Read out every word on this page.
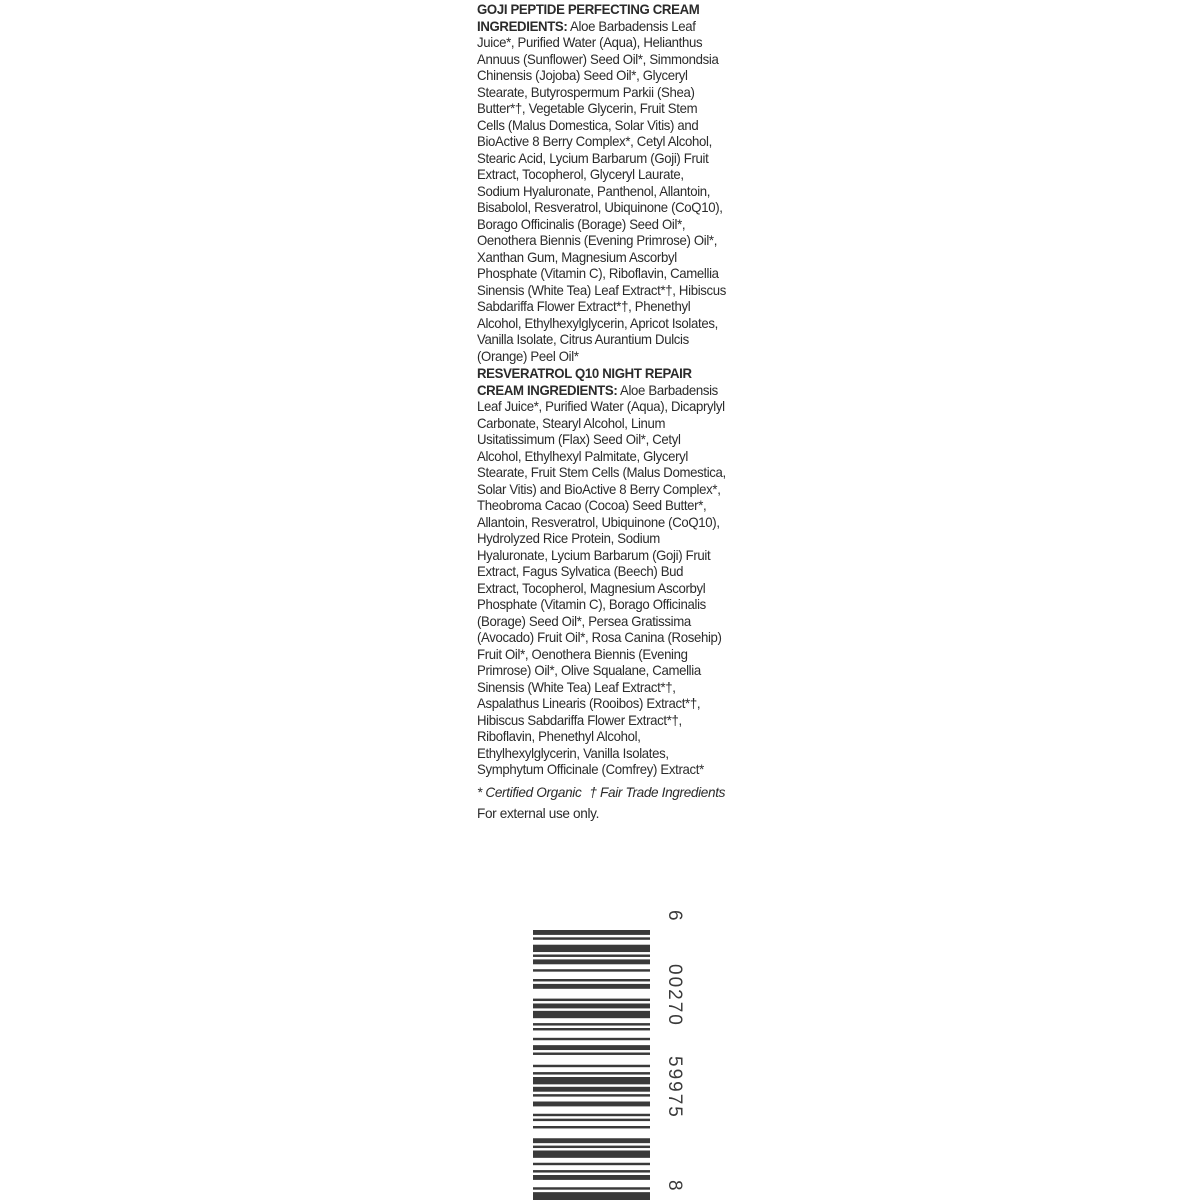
GOJI PEPTIDE PERFECTING CREAM INGREDIENTS: Aloe Barbadensis Leaf Juice*, Purified Water (Aqua), Helianthus Annuus (Sunflower) Seed Oil*, Simmondsia Chinensis (Jojoba) Seed Oil*, Glyceryl Stearate, Butyrospermum Parkii (Shea) Butter*†, Vegetable Glycerin, Fruit Stem Cells (Malus Domestica, Solar Vitis) and BioActive 8 Berry Complex*, Cetyl Alcohol, Stearic Acid, Lycium Barbarum (Goji) Fruit Extract, Tocopherol, Glyceryl Laurate, Sodium Hyaluronate, Panthenol, Allantoin, Bisabolol, Resveratrol, Ubiquinone (CoQ10), Borago Officinalis (Borage) Seed Oil*, Oenothera Biennis (Evening Primrose) Oil*, Xanthan Gum, Magnesium Ascorbyl Phosphate (Vitamin C), Riboflavin, Camellia Sinensis (White Tea) Leaf Extract*†, Hibiscus Sabdariffa Flower Extract*†, Phenethyl Alcohol, Ethylhexylglycerin, Apricot Isolates, Vanilla Isolate, Citrus Aurantium Dulcis (Orange) Peel Oil*
RESVERATROL Q10 NIGHT REPAIR CREAM INGREDIENTS: Aloe Barbadensis Leaf Juice*, Purified Water (Aqua), Dicaprylyl Carbonate, Stearyl Alcohol, Linum Usitatissimum (Flax) Seed Oil*, Cetyl Alcohol, Ethylhexyl Palmitate, Glyceryl Stearate, Fruit Stem Cells (Malus Domestica, Solar Vitis) and BioActive 8 Berry Complex*, Theobroma Cacao (Cocoa) Seed Butter*, Allantoin, Resveratrol, Ubiquinone (CoQ10), Hydrolyzed Rice Protein, Sodium Hyaluronate, Lycium Barbarum (Goji) Fruit Extract, Fagus Sylvatica (Beech) Bud Extract, Tocopherol, Magnesium Ascorbyl Phosphate (Vitamin C), Borago Officinalis (Borage) Seed Oil*, Persea Gratissima (Avocado) Fruit Oil*, Rosa Canina (Rosehip) Fruit Oil*, Oenothera Biennis (Evening Primrose) Oil*, Olive Squalane, Camellia Sinensis (White Tea) Leaf Extract*†, Aspalathus Linearis (Rooibos) Extract*†, Hibiscus Sabdariffa Flower Extract*†, Riboflavin, Phenethyl Alcohol, Ethylhexylglycerin, Vanilla Isolates, Symphytum Officinale (Comfrey) Extract*
* Certified Organic † Fair Trade Ingredients
For external use only.
6
00270
59975
8
